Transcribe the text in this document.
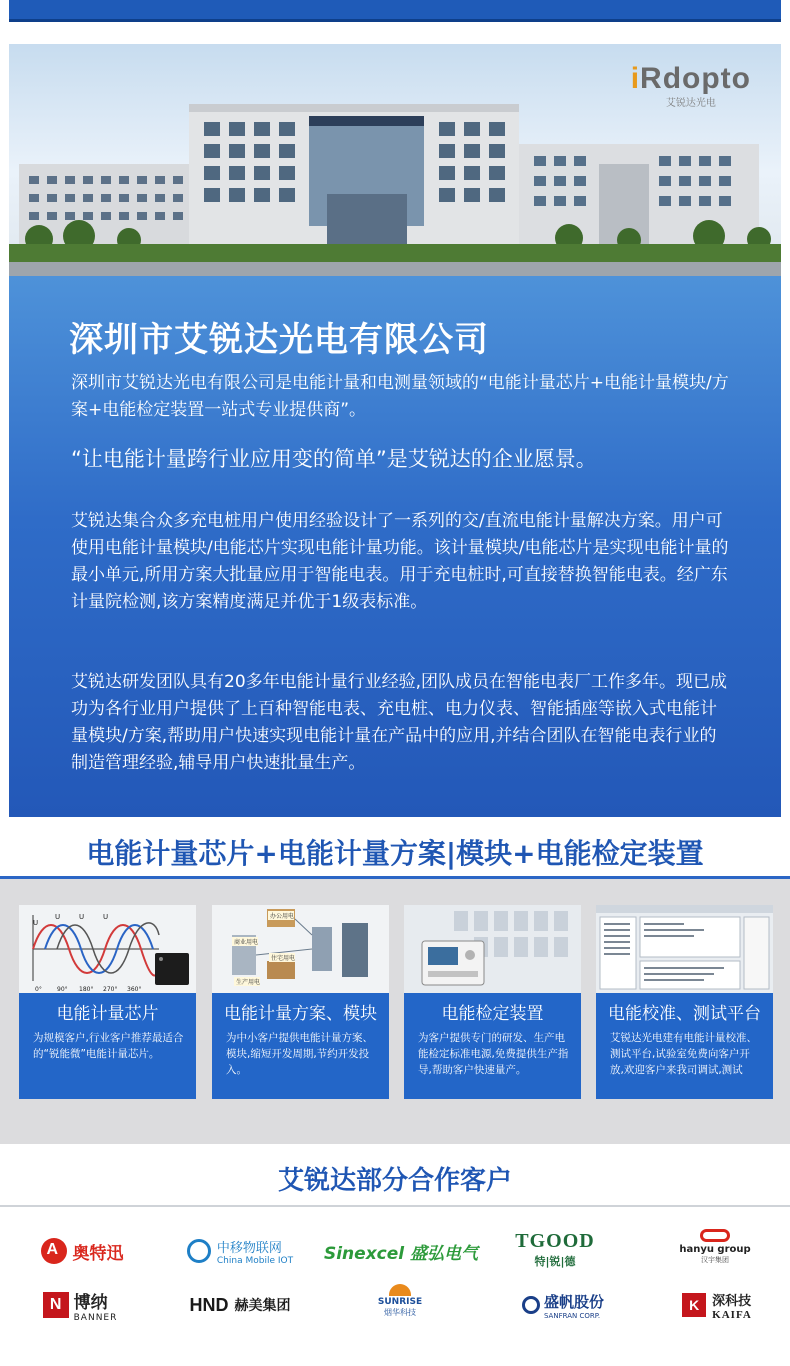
iRdopto
艾锐达光电
深圳市艾锐达光电有限公司

深圳市艾锐达光电有限公司是电能计量和电测量领域的“电能计量芯片+电能计量模块/方案+电能检定装置一站式专业提供商”。

“让电能计量跨行业应用变的简单”是艾锐达的企业愿景。

艾锐达集合众多充电桩用户使用经验设计了一系列的交/直流电能计量解决方案。用户可使用电能计量模块/电能芯片实现电能计量功能。该计量模块/电能芯片是实现电能计量的最小单元,所用方案大批量应用于智能电表。用于充电桩时,可直接替换智能电表。经广东计量院检测,该方案精度满足并优于1级表标准。

艾锐达研发团队具有20多年电能计量行业经验,团队成员在智能电表厂工作多年。现已成功为各行业用户提供了上百种智能电表、充电桩、电力仪表、智能插座等嵌入式电能计量模块/方案,帮助用户快速实现电能计量在产品中的应用,并结合团队在智能电表行业的制造管理经验,辅导用户快速批量生产。

电能计量芯片+电能计量方案|模块+电能检定装置
U
U	U	U
0°	90° 180° 270° 360°
电能计量芯片
为规模客户,行业客户推荐最适合的“锐能微”电能计量芯片。
办公用电
商业用电
住宅用电
生产用电
电能计量方案、模块
为中小客户提供电能计量方案、模块,缩短开发周期,节约开发投入。
电能检定装置
为客户提供专门的研发、生产电能检定标准电源,免费提供生产指导,帮助客户快速量产。
电能校准、测试平台
艾锐达光电建有电能计量校准、测试平台,试验室免费向客户开放,欢迎客户来我司调试,测试
艾锐达部分合作客户
A 奥特迅	中移物联网
China Mobile IOT Sinexcel 盛弘电气
TGOOD
特|锐|德
hanyu group
汉宇集团
N 博纳
BANNER
HND 赫美集团	SUNRISE
烟华科技
盛帆股份
SANFRAN CORP.
K 深科技
KAIFA
